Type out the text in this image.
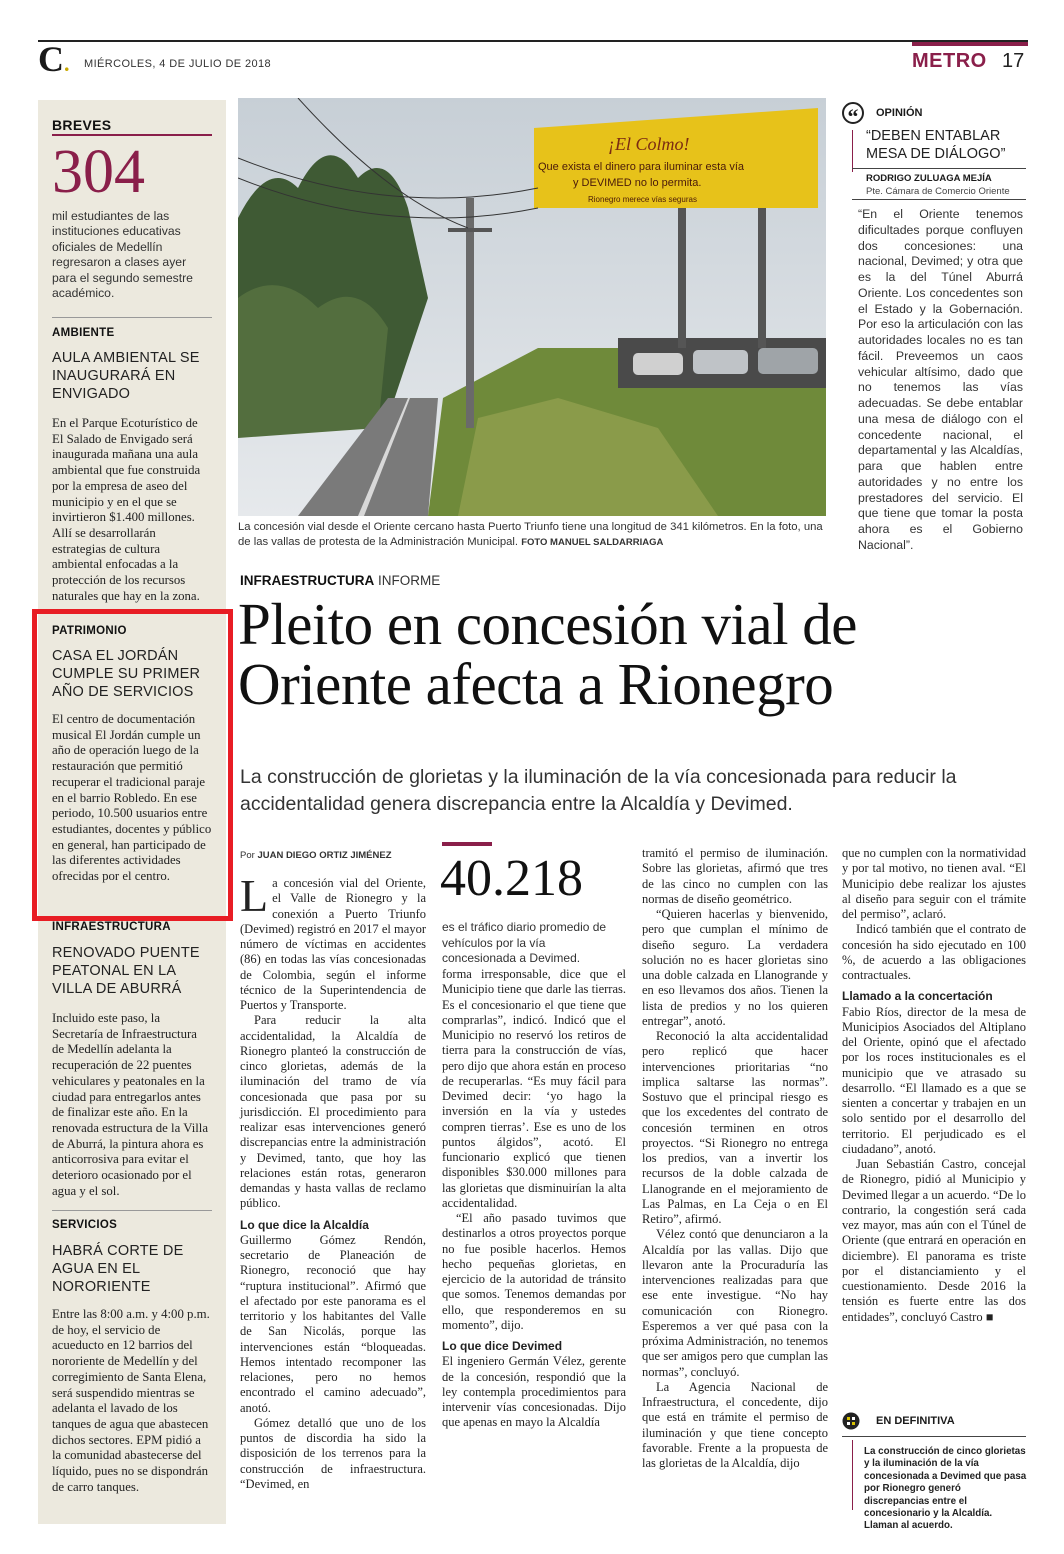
C. MIÉRCOLES, 4 DE JULIO DE 2018	METRO 17
BREVES
304
mil estudiantes de las instituciones educativas oficiales de Medellín regresaron a clases ayer para el segundo semestre académico.
AMBIENTE
AULA AMBIENTAL SE INAUGURARÁ EN ENVIGADO
En el Parque Ecoturístico de El Salado de Envigado será inaugurada mañana una aula ambiental que fue construida por la empresa de aseo del municipio y en el que se invirtieron $1.400 millones. Allí se desarrollarán estrategias de cultura ambiental enfocadas a la protección de los recursos naturales que hay en la zona.
PATRIMONIO
CASA EL JORDÁN CUMPLE SU PRIMER AÑO DE SERVICIOS
El centro de documentación musical El Jordán cumple un año de operación luego de la restauración que permitió recuperar el tradicional paraje en el barrio Robledo. En ese periodo, 10.500 usuarios entre estudiantes, docentes y público en general, han participado de las diferentes actividades ofrecidas por el centro.
INFRAESTRUCTURA
RENOVADO PUENTE PEATONAL EN LA VILLA DE ABURRÁ
Incluido este paso, la Secretaría de Infraestructura de Medellín adelanta la recuperación de 22 puentes vehiculares y peatonales en la ciudad para entregarlos antes de finalizar este año. En la renovada estructura de la Villa de Aburrá, la pintura ahora es anticorrosiva para evitar el deterioro ocasionado por el agua y el sol.
SERVICIOS
HABRÁ CORTE DE AGUA EN EL NORORIENTE
Entre las 8:00 a.m. y 4:00 p.m. de hoy, el servicio de acueducto en 12 barrios del nororiente de Medellín y del corregimiento de Santa Elena, será suspendido mientras se adelanta el lavado de los tanques de agua que abastecen dichos sectores. EPM pidió a la comunidad abastecerse del líquido, pues no se dispondrán de carro tanques.
¡El Colmo!
Que exista el dinero para iluminar esta vía
y DEVIMED no lo permita.
Rionegro merece vías seguras
La concesión vial desde el Oriente cercano hasta Puerto Triunfo tiene una longitud de 341 kilómetros. En la foto, una de las vallas de protesta de la Administración Municipal. FOTO MANUEL SALDARRIAGA
“	OPINIÓN
“DEBEN ENTABLAR MESA DE DIÁLOGO”
RODRIGO ZULUAGA MEJÍA
Pte. Cámara de Comercio Oriente
“En el Oriente tenemos dificultades porque confluyen dos concesiones: una nacional, Devimed; y otra que es la del Túnel Aburrá Oriente. Los concedentes son el Estado y la Gobernación. Por eso la articulación con las autoridades locales no es tan fácil. Preveemos un caos vehicular altísimo, dado que no tenemos las vías adecuadas. Se debe entablar una mesa de diálogo con el concedente nacional, el departamental y las Alcaldías, para que hablen entre autoridades y no entre los prestadores del servicio. El que tiene que tomar la posta ahora es el Gobierno Nacional”.
INFRAESTRUCTURA INFORME
Pleito en concesión vial de Oriente afecta a Rionegro
La construcción de glorietas y la iluminación de la vía concesionada para reducir la accidentalidad genera discrepancia entre la Alcaldía y Devimed.
Por JUAN DIEGO ORTIZ JIMÉNEZ 40.218
es el tráfico diario promedio de vehículos por la vía concesionada a Devimed.

La concesión vial del Oriente, el Valle de Rionegro y la conexión a Puerto Triunfo (Devimed) registró en 2017 el mayor número de víctimas en accidentes (86) en todas las vías concesionadas de Colombia, según el informe técnico de la Superintendencia de Puertos y Transporte.

Para reducir la alta accidentalidad, la Alcaldía de Rionegro planteó la construcción de cinco glorietas, además de la iluminación del tramo de vía concesionada que pasa por su jurisdicción. El procedimiento para realizar esas intervenciones generó discrepancias entre la administración y Devimed, tanto, que hoy las relaciones están rotas, generaron demandas y hasta vallas de reclamo público.

Lo que dice la Alcaldía

Guillermo Gómez Rendón, secretario de Planeación de Rionegro, reconoció que hay “ruptura institucional”. Afirmó que el afectado por este panorama es el territorio y los habitantes del Valle de San Nicolás, porque las intervenciones están “bloqueadas. Hemos intentado recomponer las relaciones, pero no hemos encontrado el camino adecuado”, anotó.

Gómez detalló que uno de los puntos de discordia ha sido la disposición de los terrenos para la construcción de infraestructura. “Devimed, en

forma irresponsable, dice que el Municipio tiene que darle las tierras. Es el concesionario el que tiene que comprarlas”, indicó. Indicó que el Municipio no reservó los retiros de tierra para la construcción de vías, pero dijo que ahora están en proceso de recuperarlas. “Es muy fácil para Devimed decir: ‘yo hago la inversión en la vía y ustedes compren tierras’. Ese es uno de los puntos álgidos”, acotó. El funcionario explicó que tienen disponibles $30.000 millones para las glorietas que disminuirían la alta accidentalidad.

“El año pasado tuvimos que destinarlos a otros proyectos porque no fue posible hacerlos. Hemos hecho pequeñas glorietas, en ejercicio de la autoridad de tránsito que somos. Tenemos demandas por ello, que responderemos en su momento”, dijo.

Lo que dice Devimed

El ingeniero Germán Vélez, gerente de la concesión, respondió que la ley contempla procedimientos para intervenir vías concesionadas. Dijo que apenas en mayo la Alcaldía

tramitó el permiso de iluminación. Sobre las glorietas, afirmó que tres de las cinco no cumplen con las normas de diseño geométrico.

“Quieren hacerlas y bienvenido, pero que cumplan el mínimo de diseño seguro. La verdadera solución no es hacer glorietas sino una doble calzada en Llanogrande y en eso llevamos dos años. Tienen la lista de predios y no los quieren entregar”, anotó.

Reconoció la alta accidentalidad pero replicó que hacer intervenciones prioritarias “no implica saltarse las normas”. Sostuvo que el principal riesgo es que los excedentes del contrato de concesión terminen en otros proyectos. “Si Rionegro no entrega los predios, van a invertir los recursos de la doble calzada de Llanogrande en el mejoramiento de Las Palmas, en La Ceja o en El Retiro”, afirmó.

Vélez contó que denunciaron a la Alcaldía por las vallas. Dijo que llevaron ante la Procuraduría las intervenciones realizadas para que ese ente investigue. “No hay comunicación con Rionegro. Esperemos a ver qué pasa con la próxima Administración, no tenemos que ser amigos pero que cumplan las normas”, concluyó.

La Agencia Nacional de Infraestructura, el concedente, dijo que está en trámite el permiso de iluminación y que tiene concepto favorable. Frente a la propuesta de las glorietas de la Alcaldía, dijo

que no cumplen con la normatividad y por tal motivo, no tienen aval. “El Municipio debe realizar los ajustes al diseño para seguir con el trámite del permiso”, aclaró.

Indicó también que el contrato de concesión ha sido ejecutado en 100 %, de acuerdo a las obligaciones contractuales.

Llamado a la concertación

Fabio Ríos, director de la mesa de Municipios Asociados del Altiplano del Oriente, opinó que el afectado por los roces institucionales es el municipio que ve atrasado su desarrollo. “El llamado es a que se sienten a concertar y trabajen en un solo sentido por el desarrollo del territorio. El perjudicado es el ciudadano”, anotó.

Juan Sebastián Castro, concejal de Rionegro, pidió al Municipio y Devimed llegar a un acuerdo. “De lo contrario, la congestión será cada vez mayor, mas aún con el Túnel de Oriente (que entrará en operación en diciembre). El panorama es triste por el distanciamiento y el cuestionamiento. Desde 2016 la tensión es fuerte entre las dos entidades”, concluyó Castro ■

EN DEFINITIVA
La construcción de cinco glorietas y la iluminación de la vía concesionada a Devimed que pasa por Rionegro generó discrepancias entre el concesionario y la Alcaldía. Llaman al acuerdo.
